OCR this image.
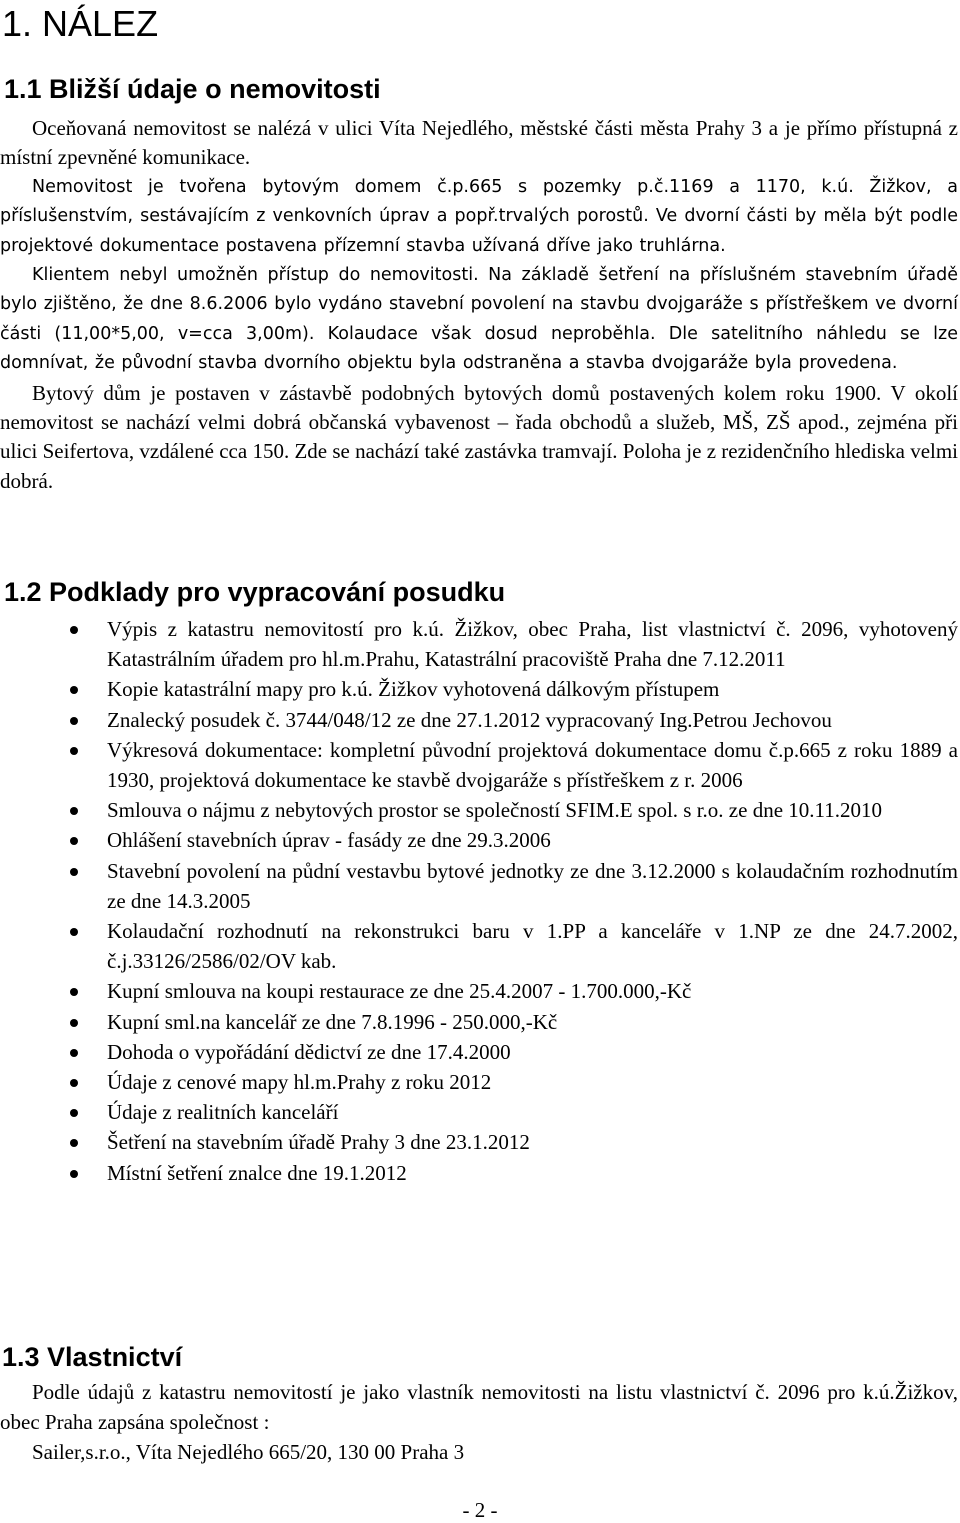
1. NÁLEZ
1.1 Bližší údaje o nemovitosti

Oceňovaná nemovitost se nalézá v ulici Víta Nejedlého, městské části města Prahy 3 a je přímo přístupná z místní zpevněné komunikace.

Nemovitost je tvořena bytovým domem č.p.665 s pozemky p.č.1169 a 1170, k.ú. Žižkov, a příslušenstvím, sestávajícím z venkovních úprav a popř.trvalých porostů. Ve dvorní části by měla být podle projektové dokumentace postavena přízemní stavba užívaná dříve jako truhlárna.

Klientem nebyl umožněn přístup do nemovitosti. Na základě šetření na příslušném stavebním úřadě bylo zjištěno, že dne 8.6.2006 bylo vydáno stavební povolení na stavbu dvojgaráže s přístřeškem ve dvorní části (11,00*5,00, v=cca 3,00m). Kolaudace však dosud neproběhla. Dle satelitního náhledu se lze domnívat, že původní stavba dvorního objektu byla odstraněna a stavba dvojgaráže byla provedena.

Bytový dům je postaven v zástavbě podobných bytových domů postavených kolem roku 1900. V okolí nemovitost se nachází velmi dobrá občanská vybavenost – řada obchodů a služeb, MŠ, ZŠ apod., zejména při ulici Seifertova, vzdálené cca 150. Zde se nachází také zastávka tramvají. Poloha je z rezidenčního hlediska velmi dobrá.

1.2 Podklady pro vypracování posudku
Výpis z katastru nemovitostí pro k.ú. Žižkov, obec Praha, list vlastnictví č. 2096, vyhotovený Katastrálním úřadem pro hl.m.Prahu, Katastrální pracoviště Praha dne 7.12.2011
Kopie katastrální mapy pro k.ú. Žižkov vyhotovená dálkovým přístupem
Znalecký posudek č. 3744/048/12 ze dne 27.1.2012 vypracovaný Ing.Petrou Jechovou
Výkresová dokumentace: kompletní původní projektová dokumentace domu č.p.665 z roku 1889 a 1930, projektová dokumentace ke stavbě dvojgaráže s přístřeškem z r. 2006
Smlouva o nájmu z nebytových prostor se společností SFIM.E spol. s r.o. ze dne 10.11.2010
Ohlášení stavebních úprav - fasády ze dne 29.3.2006
Stavební povolení na půdní vestavbu bytové jednotky ze dne 3.12.2000 s kolaudačním rozhodnutím ze dne 14.3.2005
Kolaudační rozhodnutí na rekonstrukci baru v 1.PP a kanceláře v 1.NP ze dne 24.7.2002, č.j.33126/2586/02/OV kab.
Kupní smlouva na koupi restaurace ze dne 25.4.2007 - 1.700.000,-Kč
Kupní sml.na kancelář ze dne 7.8.1996 - 250.000,-Kč
Dohoda o vypořádání dědictví ze dne 17.4.2000
Údaje z cenové mapy hl.m.Prahy z roku 2012
Údaje z realitních kanceláří
Šetření na stavebním úřadě Prahy 3 dne 23.1.2012
Místní šetření znalce dne 19.1.2012
1.3 Vlastnictví

Podle údajů z katastru nemovitostí je jako vlastník nemovitosti na listu vlastnictví č. 2096 pro k.ú.Žižkov, obec Praha zapsána společnost :

Sailer,s.r.o., Víta Nejedlého 665/20, 130 00 Praha 3

- 2 -
